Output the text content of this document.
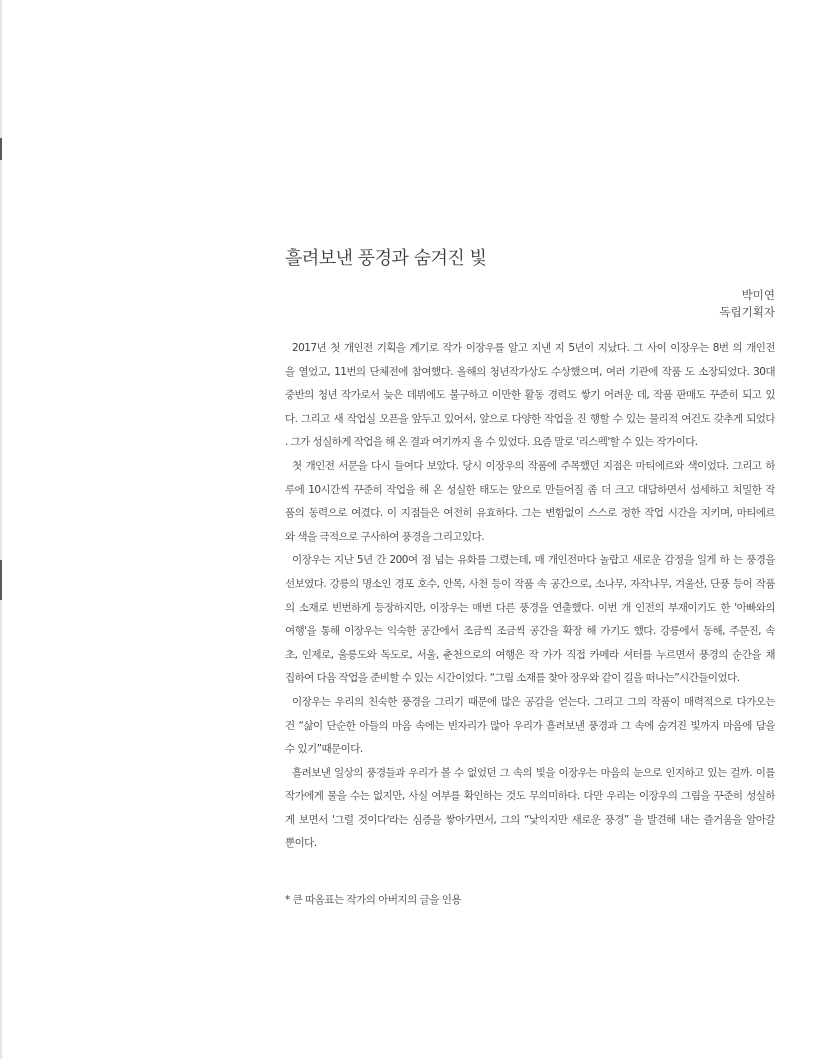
흘려보낸 풍경과 숨겨진 빛
박미연
독립기획자
2017년 첫 개인전 기획을 계기로 작가 이장우를 알고 지낸 지 5년이 지났다. 그 사이 이장우는 8번 의 개인전
을 열었고, 11번의 단체전에 참여했다. 올해의 청년작가상도 수상했으며, 여러 기관에 작품 도 소장되었다. 30대
중반의 청년 작가로서 늦은 데뷔에도 불구하고 이만한 활동 경력도 쌓기 어려운 데, 작품 판매도 꾸준히 되고 있
다. 그리고 새 작업실 오픈을 앞두고 있어서, 앞으로 다양한 작업을 진 행할 수 있는 물리적 여건도 갖추게 되었다
. 그가 성실하게 작업을 해 온 결과 여기까지 올 수 있었다. 요즘 말로 '리스펙'할 수 있는 작가이다.
첫 개인전 서문을 다시 들여다 보았다. 당시 이장우의 작품에 주목했던 지점은 마티에르와 색이었다. 그리고 하
루에 10시간씩 꾸준히 작업을 해 온 성실한 태도는 앞으로 만들어질 좀 더 크고 대담하면서 섬세하고 치밀한 작
품의 동력으로 여겼다. 이 지점들은 여전히 유효하다. 그는 변함없이 스스로 정한 작업 시간을 지키며, 마티에르
와 색을 극적으로 구사하여 풍경을 그리고있다.
이장우는 지난 5년 간 200여 점 넘는 유화를 그렸는데, 매 개인전마다 놀랍고 새로운 감정을 일게 하 는 풍경을
선보였다. 강릉의 명소인 경포 호수, 안목, 사천 등이 작품 속 공간으로, 소나무, 자작나무, 겨울산, 단풍 등이 작품
의 소재로 빈번하게 등장하지만, 이장우는 매번 다른 풍경을 연출했다. 이번 개 인전의 부재이기도 한 '아빠와의
여행'을 통해 이장우는 익숙한 공간에서 조금씩 조금씩 공간을 확장 해 가기도 했다. 강릉에서 동해, 주문진, 속
초, 인제로, 울릉도와 독도로, 서울, 춘천으로의 여행은 작 가가 직접 카메라 셔터를 누르면서 풍경의 순간을 채
집하여 다음 작업을 준비할 수 있는 시간이었다. “그림 소재를 찾아 장우와 같이 길을 떠나는”시간들이었다.
이장우는 우리의 친숙한 풍경을 그리기 때문에 많은 공감을 얻는다. 그리고 그의 작품이 매력적으로 다가오는
건 “삶이 단순한 아들의 마음 속에는 빈자리가 많아 우리가 흘려보낸 풍경과 그 속에 숨겨진 빛까지 마음에 담을
수 있기”때문이다.
흘려보낸 일상의 풍경들과 우리가 볼 수 없었던 그 속의 빛을 이장우는 마음의 눈으로 인지하고 있는 걸까. 이를
작가에게 물을 수는 없지만, 사실 여부를 확인하는 것도 무의미하다. 다만 우리는 이장우의 그림을 꾸준히 성실하
게 보면서 '그럴 것이다'라는 심증을 쌓아가면서, 그의 “낯익지만 새로운 풍경” 을 발견해 내는 즐거움을 알아갈
뿐이다.
* 큰 따옴표는 작가의 아버지의 글을 인용
